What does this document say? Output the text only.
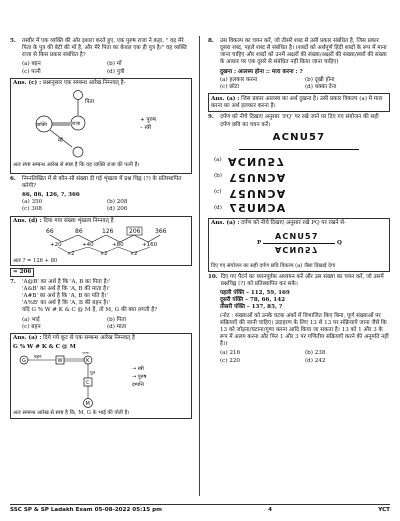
5.	तस्वीर में एक व्यक्ति की ओर इशारा करते हुए, एक पुरुष राजा ने कहा, " वह मेरे पिता के पुत्र की बेटी की माँ है, और मेरे पिता का केवल एक ही पुत्र है।" वह व्यक्ति राजा से किस प्रकार संबंधित है?
(a) बहन	(b) माँ
(c) पत्नी	(d) पुत्री
Ans. (c) : प्रश्नानुसार एक सम्बन्ध आरेख निम्नवत् है-
पिता
राजा
व्यक्ति
माँ
+ पुरुष
– स्त्री
अतः स्पष्ट सम्बन्ध आरेख से स्पष्ट है कि वह व्यक्ति राजा की पत्नी है।
6.	निम्नलिखित में से कौन-सी संख्या दी गई शृंखला में प्रश्न चिह्न (?) के प्रतिस्थापित करेगी?
66, 86, 126, ?, 366
(a) 350	(b) 208
(c) 308	(d) 206
Ans. (d) : दिया गया संख्या शृंखला निम्नवत् है
66	86	126	206 366
+20	+40	+80	+160
×2	×2	×2
अतः ? = 126 + 80
= 206
7.	'A@B' का अर्थ है कि 'A, B का पिता है।'
'A&B' का अर्थ है कि 'A, B की माता है।'
'A#B' का अर्थ है कि 'A, B का पति है।'
'A%B' का अर्थ है कि 'A, B की बहन है।'
यदि G % W # K & C @ M है, तो M, G की क्या लगती है?
(a) भाई	(b) पिता
(c) बहन	(d) माता
Ans. (a) : दिये गये कूट से एक सम्बन्ध आरेख निम्नवत् है
G % W # K & C @ M
G
बहन
W	K
पत्नी
पुत्र
C
M
→ स्त्री
→ पुरुष
दम्पत्ति
अतः सम्बन्ध आरेख से स्पष्ट है कि, M, G के भाई की पोती है।
8.	उस विकल्प का चयन करें, जो तीसरे शब्द से उसी प्रकार संबंधित है, जिस प्रकार दूसरा शब्द, पहले शब्द से संबंधित है। (शब्दों को अर्थपूर्ण हिंदी शब्दों के रूप में माना जाना चाहिए और शब्दों को उनमें अक्षरों की संख्या/अक्षरों की संख्या/स्वरों की संख्या के आधार पर एक दूसरे से संबंधित नहीं किया जाना चाहिए)
दुखना : आलस्य होना :: मारा करना : ?
(a) हलकार करना	(b) दूखी होना
(c) छोटा	(d) धक्का देना
Ans. (a) : जिस प्रकार आलस्य का अर्थ दुखना है। उसी प्रकार विकल्प (a) मे मारा करना का अर्थ हलकार करना है।
9.	दर्पण को नीचे दिखाए अनुसार 'PQ' पर रखे जाने पर दिए गए संयोजन की सही दर्पण छवि का चयन करें।
ACNU57
(a) ACNU57
(b) ACNU57
(c) ACNU57
(d) ACNU57
Ans. (a) : दर्पण को नीचे दिखाए अनुसार रखे PQ पर रखने से-
ACNU57
P	Q
ACNU57
दिए गए संयोजन का सही दर्पण छवि विकल्प (a) जैसा दिखाई देगा
10. दिए गए पैटर्न का ध्यानपूर्वक अध्ययन करें और उस संख्या का चयन करें, जो उसमें प्रश्नचिह्न (?) को प्रतिस्थापित कर सके।
पहली पंक्ति – 112, 59, 169
दूसरी पंक्ति – 78, 66, 142
तीसरी पंक्ति – 137, 85, ?
(नोट : संख्याओं को उनके घटक अंकों में विभाजित किए बिना, पूर्ण संख्याओं पर संक्रियाएँ की जानी चाहिए। उदाहरण के लिए 13 से 13 पर संक्रियाएँ जाना जैसे कि 13 को जोड़ना/घटाना/गुणा करना आदि किया जा सकता है। 13 को 1 और 3 के रूप में अलग करना और फिर 1 और 3 पर गणितीय संक्रियाएँ करने की अनुमति नहीं है।)
(a) 216	(b) 238
(c) 220	(d) 242
SSC SP & SP Ladakh Exam 05-08-2022 05:15 pm	4	YCT
